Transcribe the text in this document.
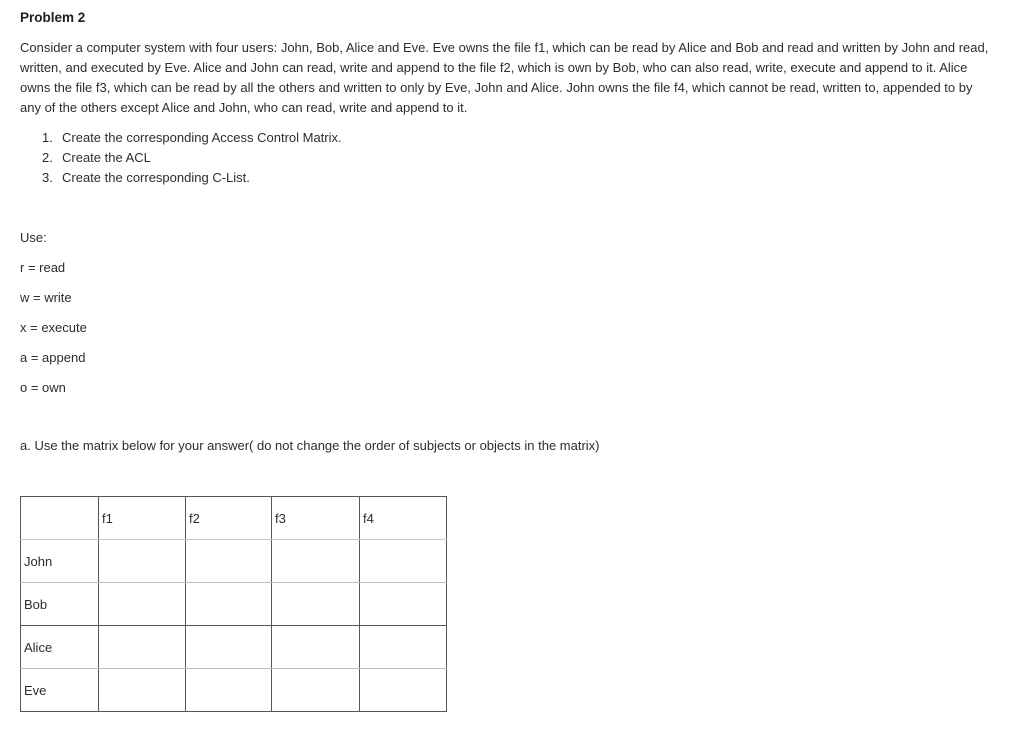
Problem 2
Consider a computer system with four users: John, Bob, Alice and Eve. Eve owns the file f1, which can be read by Alice and Bob and read and written by John and read, written, and executed by Eve. Alice and John can read, write and append to the file f2, which is own by Bob, who can also read, write, execute and append to it. Alice owns the file f3, which can be read by all the others and written to only by Eve, John and Alice. John owns the file f4, which cannot be read, written to, appended to by any of the others except Alice and John, who can read, write and append to it.
1. Create the corresponding Access Control Matrix.
2. Create the ACL
3. Create the corresponding C-List.
Use:
r = read
w = write
x = execute
a = append
o = own
a. Use the matrix below for your answer( do not change the order of subjects or objects in the matrix)
	f1	f2	f3	f4
John				
Bob				
Alice				
Eve				
